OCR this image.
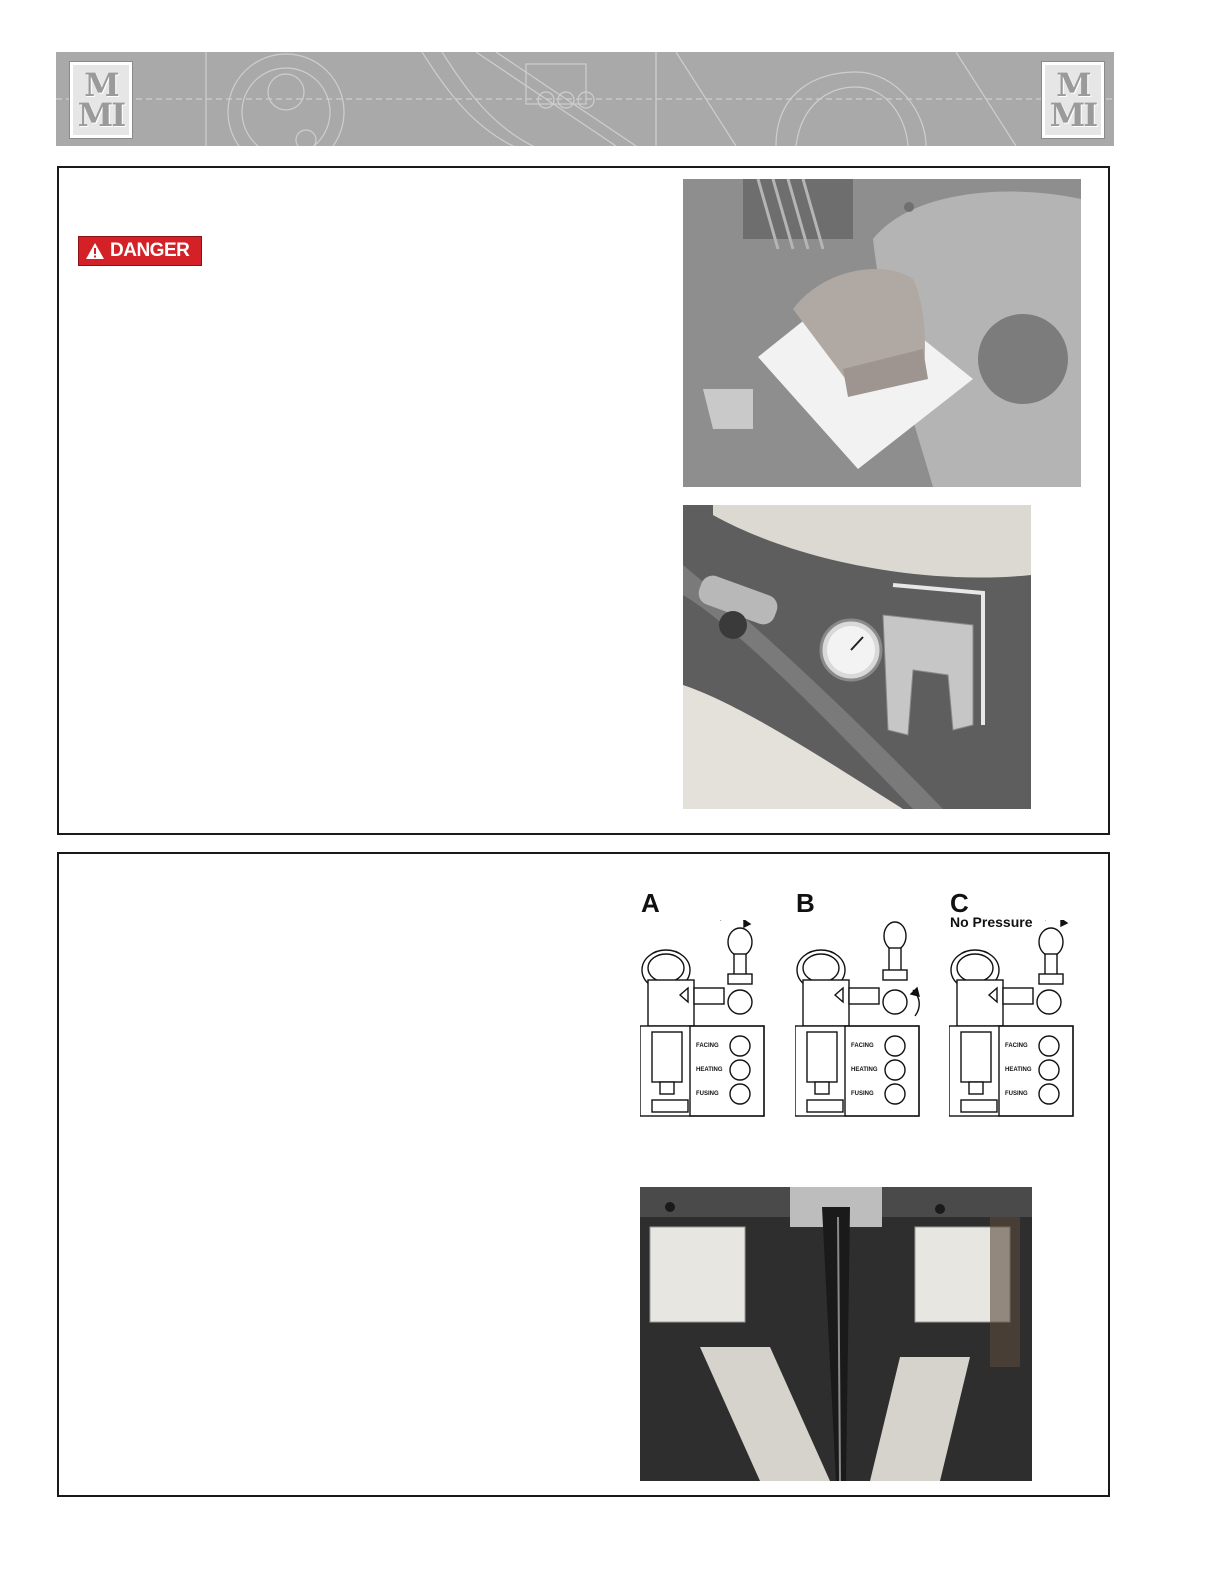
M
MI
M
MI
DANGER
A
FACING
HEATING
FUSING
B
FACING
HEATING
FUSING
C
No Pressure
FACING
HEATING
FUSING
